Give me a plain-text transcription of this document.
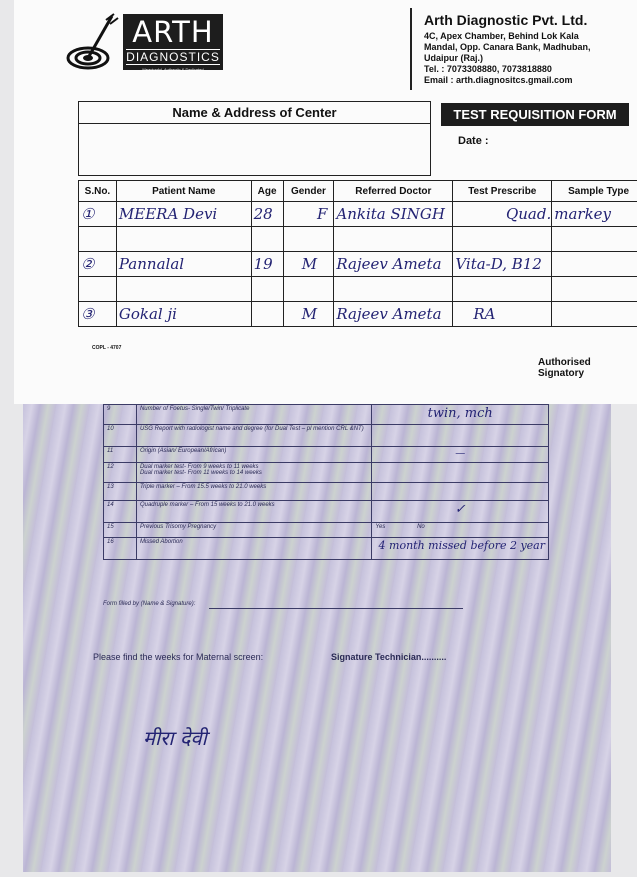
ARTH
DIAGNOSTICS
Meaningful, Authentic & Dedicated
Arth Diagnostic Pvt. Ltd.
4C, Apex Chamber, Behind Lok Kala
Mandal, Opp. Canara Bank, Madhuban,
Udaipur (Raj.)
Tel. : 7073308880, 7073818880
Email : arth.diagnositcs.gmail.com
Name & Address of Center	TEST REQUISITION FORM
Date :
S.No.	Patient Name	Age	Gender	Referred Doctor	Test Prescribe	Sample Type
①	MEERA Devi	28	F	Ankita SINGH	Quad.	markey

②	Pannalal	19	M	Rajeev Ameta	Vita-D, B12	

③	Gokal ji		M	Rajeev Ameta	RA	
COPL - 4707
Authorised Signatory
9	Number of Foetus- Single/Twin/ Triplicate	twin, mch
10	USG Report with radiologist name and degree (for Dual Test – pl mention CRL &NT)	
11	Origin (Asian/ European/African)	—
12	Dual marker test- From 9 weeks to 11 weeks
Dual marker test- From 11 weeks to 14 weeks	
13	Triple marker – From 15.5 weeks to 21.0 weeks	
14	Quadruple marker – From 15 weeks to 21.0 weeks	✓
15	Previous Trisomy Pregnancy	Yes No
16	Missed Abortion	4 month missed before 2 year
Form filled by (Name & Signature):
Please find the weeks for Maternal screen:	Signature Technician..........
मीरा देवी
